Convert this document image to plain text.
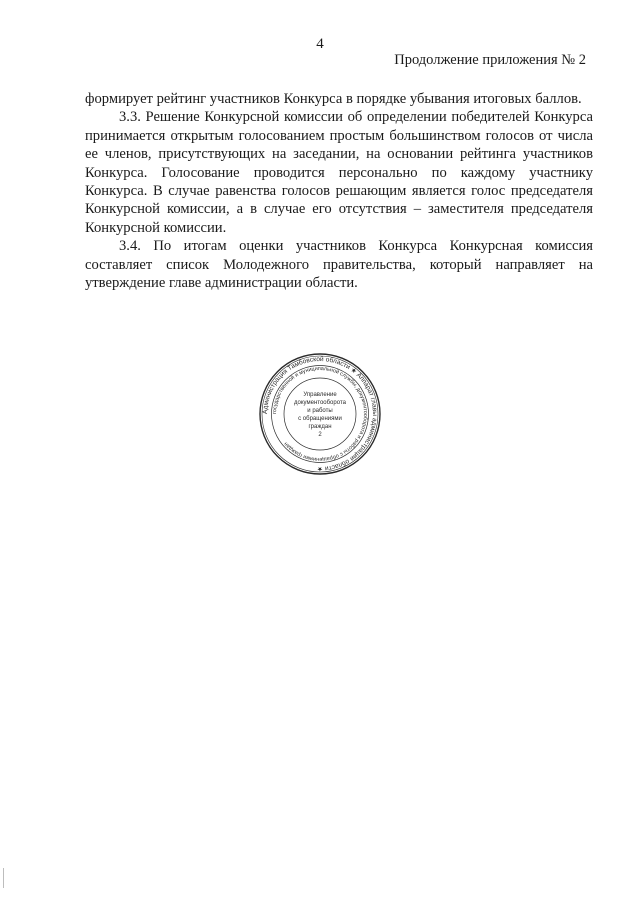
4
Продолжение приложения № 2

формирует рейтинг участников Конкурса в порядке убывания итоговых баллов.

3.3. Решение Конкурсной комиссии об определении победителей Конкурса принимается открытым голосованием простым большинством голосов от числа ее членов, присутствующих на заседании, на основании рейтинга участников Конкурса. Голосование проводится персонально по каждому участнику Конкурса. В случае равенства голосов решающим является голос председателя Конкурсной комиссии, а в случае его отсутствия – заместителя председателя Конкурсной комиссии.

3.4. По итогам оценки участников Конкурса Конкурсная комиссия составляет список Молодежного правительства, который направляет на утверждение главе администрации области.

Администрация Тамбовской области ★ Аппарат главы администрации области ★
государственной и муниципальной службы, документооборота и работы с обращениями граждан
Управление
документооборота
и работы
с обращениями
граждан
2
